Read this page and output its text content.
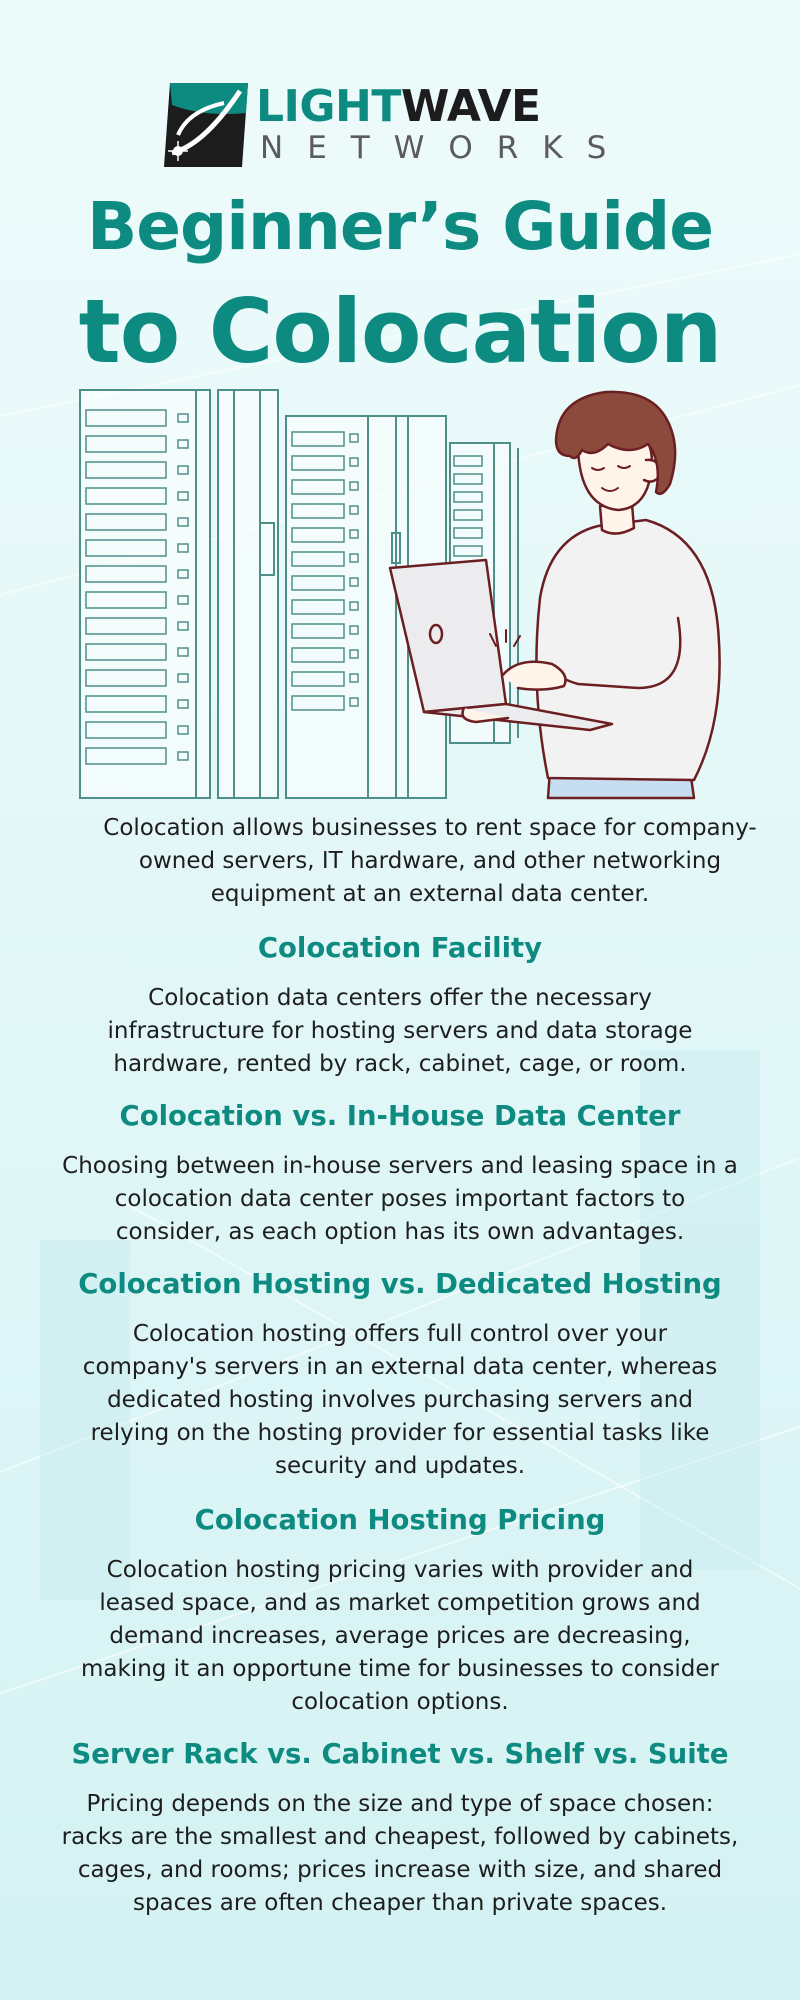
LIGHTWAVE
NETWORKS
Beginner’s Guide
to Colocation

Colocation allows businesses to rent space for company-owned servers, IT hardware, and other networking equipment at an external data center.

Colocation Facility

Colocation data centers offer the necessary infrastructure for hosting servers and data storage hardware, rented by rack, cabinet, cage, or room.

Colocation vs. In-House Data Center

Choosing between in-house servers and leasing space in a colocation data center poses important factors to consider, as each option has its own advantages.

Colocation Hosting vs. Dedicated Hosting

Colocation hosting offers full control over your company's servers in an external data center, whereas dedicated hosting involves purchasing servers and relying on the hosting provider for essential tasks like security and updates.

Colocation Hosting Pricing

Colocation hosting pricing varies with provider and leased space, and as market competition grows and demand increases, average prices are decreasing, making it an opportune time for businesses to consider colocation options.

Server Rack vs. Cabinet vs. Shelf vs. Suite

Pricing depends on the size and type of space chosen: racks are the smallest and cheapest, followed by cabinets, cages, and rooms; prices increase with size, and shared spaces are often cheaper than private spaces.
